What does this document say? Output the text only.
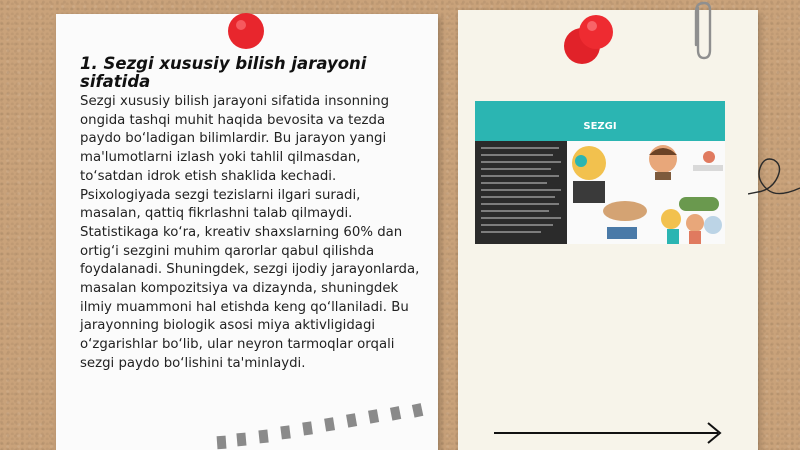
1. Sezgi xususiy bilish jarayoni sifatida
Sezgi xususiy bilish jarayoni sifatida insonning ongida tashqi muhit haqida bevosita va tezda paydo bo‘ladigan bilimlardir. Bu jarayon yangi ma'lumotlarni izlash yoki tahlil qilmasdan, to‘satdan idrok etish shaklida kechadi. Psixologiyada sezgi tezislarni ilgari suradi, masalan, qattiq fikrlashni talab qilmaydi. Statistikaga ko‘ra, kreativ shaxslarning 60% dan ortig‘i sezgini muhim qarorlar qabul qilishda foydalanadi. Shuningdek, sezgi ijodiy jarayonlarda, masalan kompozitsiya va dizaynda, shuningdek ilmiy muammoni hal etishda keng qo‘llaniladi. Bu jarayonning biologik asosi miya aktivligidagi o‘zgarishlar bo‘lib, ular neyron tarmoqlar orqali sezgi paydo bo‘lishini ta'minlaydi.
SEZGI
